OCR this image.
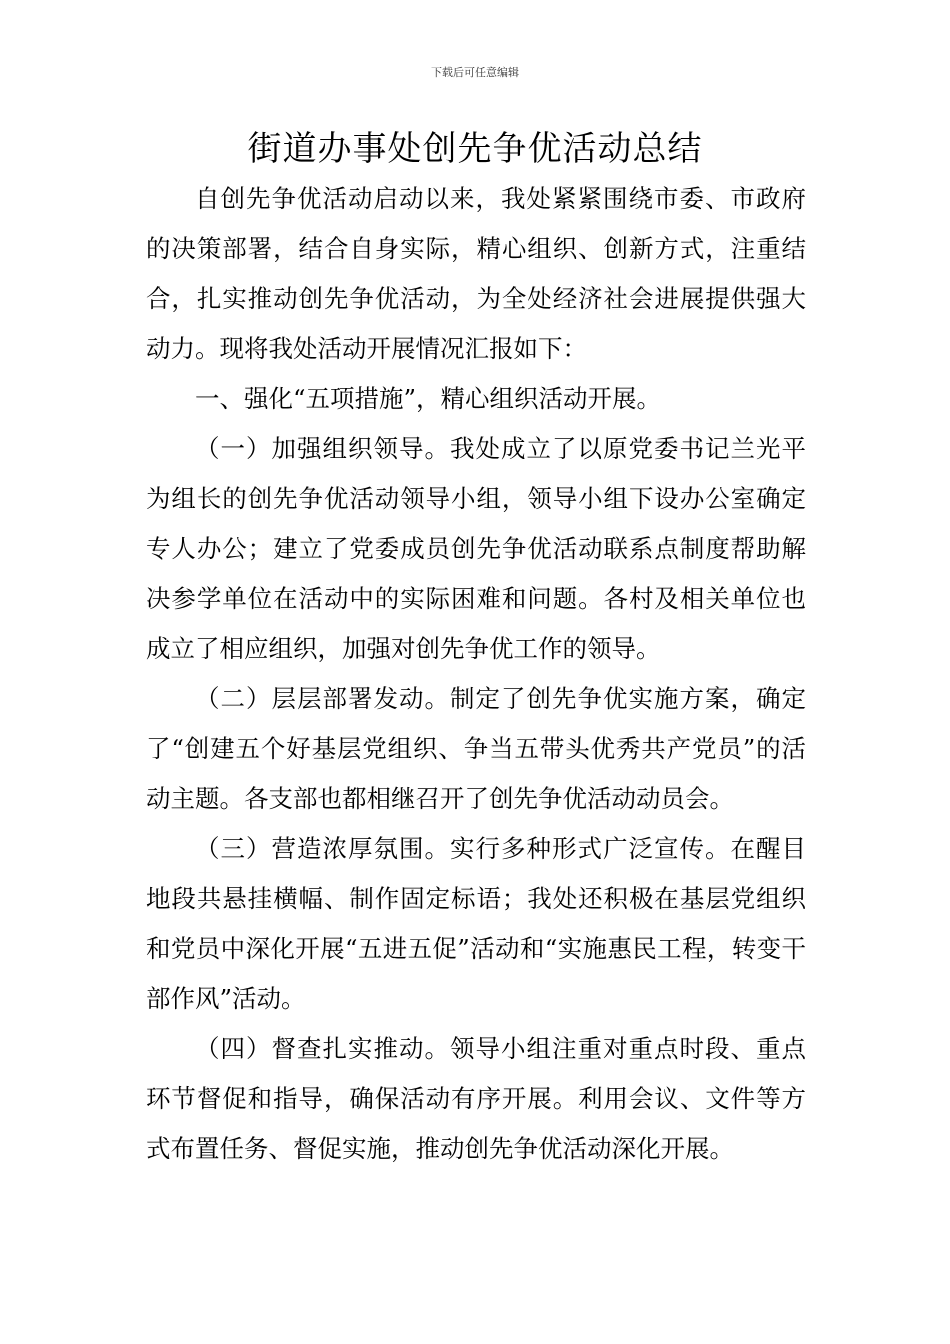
下载后可任意编辑
街道办事处创先争优活动总结

自创先争优活动启动以来，我处紧紧围绕市委、市政府的决策部署，结合自身实际，精心组织、创新方式，注重结合，扎实推动创先争优活动，为全处经济社会进展提供强大动力。现将我处活动开展情况汇报如下：

一、强化“五项措施”，精心组织活动开展。

（一）加强组织领导。我处成立了以原党委书记兰光平为组长的创先争优活动领导小组，领导小组下设办公室确定专人办公；建立了党委成员创先争优活动联系点制度帮助解决参学单位在活动中的实际困难和问题。各村及相关单位也成立了相应组织，加强对创先争优工作的领导。

（二）层层部署发动。制定了创先争优实施方案，确定了“创建五个好基层党组织、争当五带头优秀共产党员”的活动主题。各支部也都相继召开了创先争优活动动员会。

（三）营造浓厚氛围。实行多种形式广泛宣传。在醒目地段共悬挂横幅、制作固定标语；我处还积极在基层党组织和党员中深化开展“五进五促”活动和“实施惠民工程，转变干部作风”活动。

（四）督查扎实推动。领导小组注重对重点时段、重点环节督促和指导，确保活动有序开展。利用会议、文件等方式布置任务、督促实施，推动创先争优活动深化开展。
